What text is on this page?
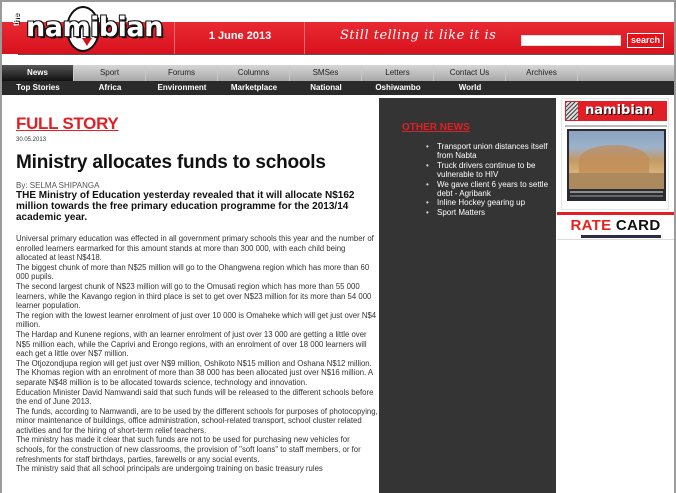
the namibian	1 June 2013	Still telling it like it is	search
News	Sport	Forums	Columns	SMSes	Letters	Contact Us	Archives
Top Stories	Africa	Environment	Marketplace	National	Oshiwambo	World
FULL STORY
30.05.2013
Ministry allocates funds to schools
By: SELMA SHIPANGA
THE Ministry of Education yesterday revealed that it will allocate N$162 million towards the free primary education programme for the 2013/14 academic year.

Universal primary education was effected in all government primary schools this year and the number of enrolled learners earmarked for this amount stands at more than 300 000, with each child being allocated at least N$418.

The biggest chunk of more than N$25 million will go to the Ohangwena region which has more than 60 000 pupils.

The second largest chunk of N$23 million will go to the Omusati region which has more than 55 000 learners, while the Kavango region in third place is set to get over N$23 million for its more than 54 000 learner population.

The region with the lowest learner enrolment of just over 10 000 is Omaheke which will get just over N$4 million.

The Hardap and Kunene regions, with an learner enrolment of just over 13 000 are getting a little over N$5 million each, while the Caprivi and Erongo regions, with an enrolment of over 18 000 learners will each get a little over N$7 million.

The Otjozondjupa region will get just over N$9 million, Oshikoto N$15 million and Oshana N$12 million. The Khomas region with an enrolment of more than 38 000 has been allocated just over N$16 million. A separate N$48 million is to be allocated towards science, technology and innovation.

Education Minister David Namwandi said that such funds will be released to the different schools before the end of June 2013.

The funds, according to Namwandi, are to be used by the different schools for purposes of photocopying, minor maintenance of buildings, office administration, school-related transport, school cluster related activities and for the hiring of short-term relief teachers.

The ministry has made it clear that such funds are not to be used for purchasing new vehicles for schools, for the construction of new classrooms, the provision of "soft loans" to staff members, or for refreshments for staff birthdays, parties, farewells or any social events.

The ministry said that all school principals are undergoing training on basic treasury rules

OTHER NEWS
• Transport union distances itself from Nabta
• Truck drivers continue to be vulnerable to HIV
• We gave client 6 years to settle debt - Agribank
• Inline Hockey gearing up
• Sport Matters
namibian
RATE CARD
